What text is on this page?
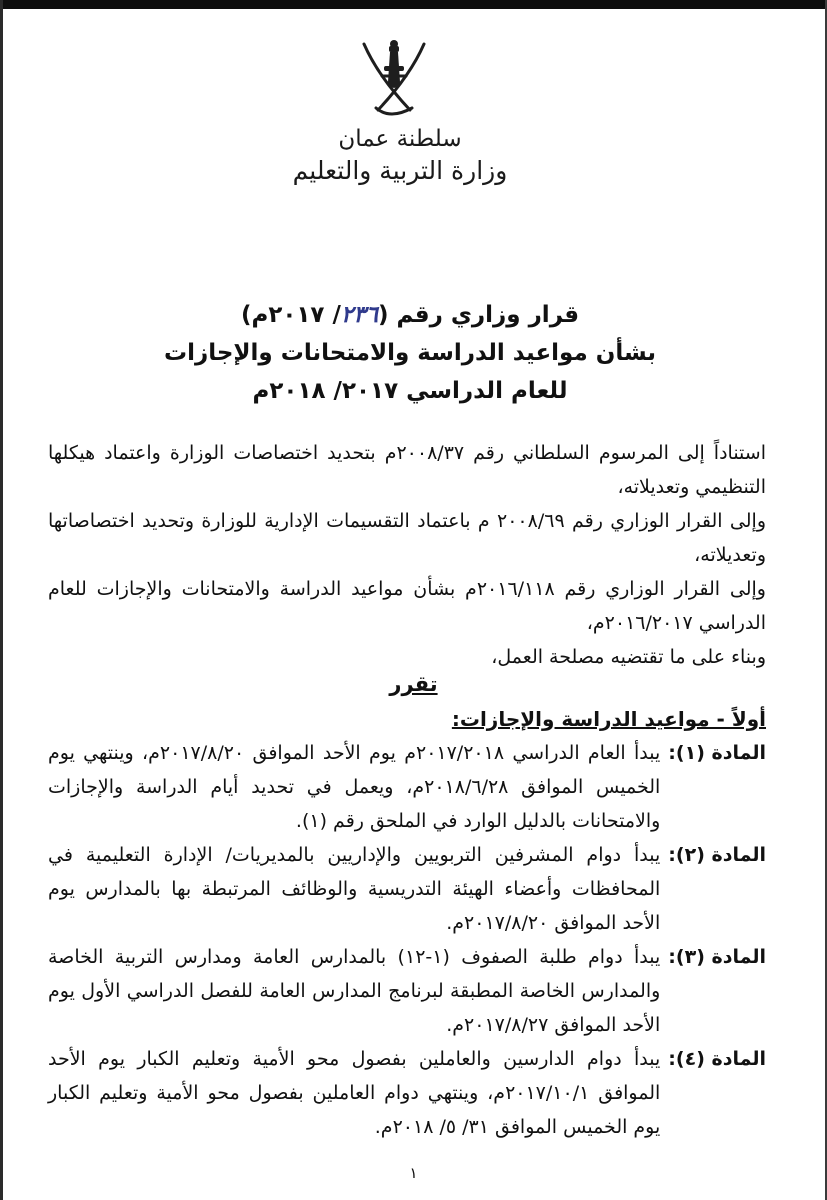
سلطنة عمان
وزارة التربية والتعليم
قرار وزاري رقم (٢٣٦/ ٢٠١٧م)
بشأن مواعيد الدراسة والامتحانات والإجازات
للعام الدراسي ٢٠١٧/ ٢٠١٨م

استناداً إلى المرسوم السلطاني رقم ٢٠٠٨/٣٧م بتحديد اختصاصات الوزارة واعتماد هيكلها التنظيمي وتعديلاته،

وإلى القرار الوزاري رقم ٢٠٠٨/٦٩ م باعتماد التقسيمات الإدارية للوزارة وتحديد اختصاصاتها وتعديلاته،

وإلى القرار الوزاري رقم ٢٠١٦/١١٨م بشأن مواعيد الدراسة والامتحانات والإجازات للعام الدراسي ٢٠١٦/٢٠١٧م،

وبناء على ما تقتضيه مصلحة العمل،

تقرر
أولاً - مواعيد الدراسة والإجازات:
المادة (١):
يبدأ العام الدراسي ٢٠١٧/٢٠١٨م يوم الأحد الموافق ٢٠١٧/٨/٢٠م، وينتهي يوم الخميس الموافق ٢٠١٨/٦/٢٨م، ويعمل في تحديد أيام الدراسة والإجازات والامتحانات بالدليل الوارد في الملحق رقم (١).
المادة (٢):
يبدأ دوام المشرفين التربويين والإداريين بالمديريات/ الإدارة التعليمية في المحافظات وأعضاء الهيئة التدريسية والوظائف المرتبطة بها بالمدارس يوم الأحد الموافق ٢٠١٧/٨/٢٠م.
المادة (٣):
يبدأ دوام طلبة الصفوف (١-١٢) بالمدارس العامة ومدارس التربية الخاصة والمدارس الخاصة المطبقة لبرنامج المدارس العامة للفصل الدراسي الأول يوم الأحد الموافق ٢٠١٧/٨/٢٧م.
المادة (٤):
يبدأ دوام الدارسين والعاملين بفصول محو الأمية وتعليم الكبار يوم الأحد الموافق ٢٠١٧/١٠/١م، وينتهي دوام العاملين بفصول محو الأمية وتعليم الكبار يوم الخميس الموافق ٣١/ ٥/ ٢٠١٨م.
١
